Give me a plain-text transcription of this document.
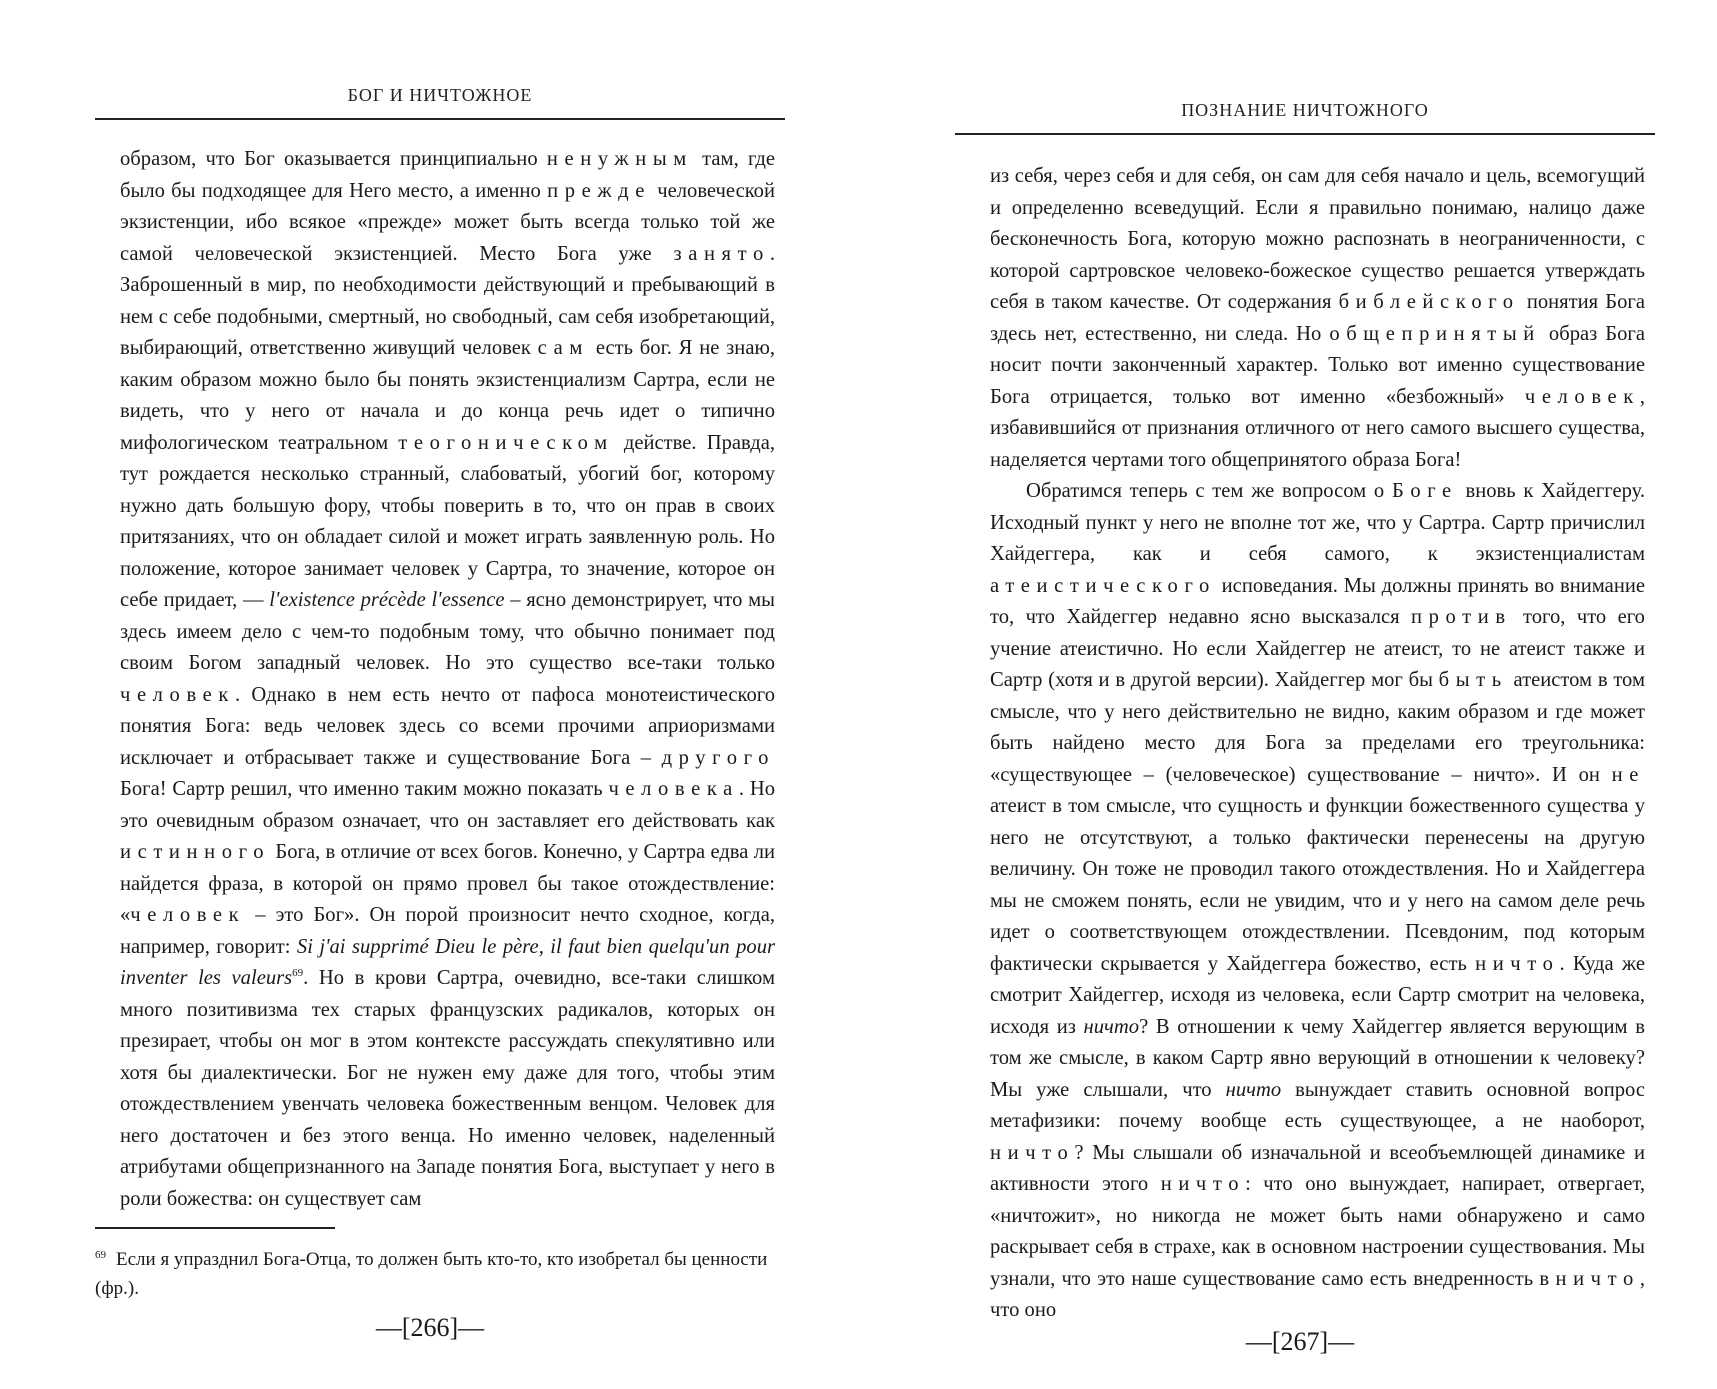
БОГ И НИЧТОЖНОЕ

образом, что Бог оказывается принципиально ненужным там, где было бы подходящее для Него место, а именно прежде человеческой экзистенции, ибо всякое «прежде» может быть всегда только той же самой человеческой экзистенцией. Место Бога уже занято. Заброшенный в мир, по необходимости действующий и пребывающий в нем с себе подобными, смертный, но свободный, сам себя изобретающий, выбирающий, ответственно живущий человек сам есть бог. Я не знаю, каким образом можно было бы понять экзистенциализм Сартра, если не видеть, что у него от начала и до конца речь идет о типично мифологическом театральном теогоническом действе. Правда, тут рождается несколько странный, слабоватый, убогий бог, которому нужно дать большую фору, чтобы поверить в то, что он прав в своих притязаниях, что он обладает силой и может играть заявленную роль. Но положение, которое занимает человек у Сартра, то значение, которое он себе придает, — l'existence précède l'essence – ясно демонстрирует, что мы здесь имеем дело с чем-то подобным тому, что обычно понимает под своим Богом западный человек. Но это существо все-таки только человек. Однако в нем есть нечто от пафоса монотеистического понятия Бога: ведь человек здесь со всеми прочими априоризмами исключает и отбрасывает также и существование Бога – другого Бога! Сартр решил, что именно таким можно показать человека. Но это очевидным образом означает, что он заставляет его действовать как истинного Бога, в отличие от всех богов. Конечно, у Сартра едва ли найдется фраза, в которой он прямо провел бы такое отождествление: «человек – это Бог». Он порой произносит нечто сходное, когда, например, говорит: Si j'ai supprimé Dieu le père, il faut bien quelqu'un pour inventer les valeurs$^{69}$. Но в крови Сартра, очевидно, все-таки слишком много позитивизма тех старых французских радикалов, которых он презирает, чтобы он мог в этом контексте рассуждать спекулятивно или хотя бы диалектически. Бог не нужен ему даже для того, чтобы этим отождествлением увенчать человека божественным венцом. Человек для него достаточен и без этого венца. Но именно человек, наделенный атрибутами общепризнанного на Западе понятия Бога, выступает у него в роли божества: он существует сам

$^{69}$ Если я упразднил Бога-Отца, то должен быть кто-то, кто изобретал бы ценности (фр.).
—[266]—
ПОЗНАНИЕ НИЧТОЖНОГО

из себя, через себя и для себя, он сам для себя начало и цель, всемогущий и определенно всеведущий. Если я правильно понимаю, налицо даже бесконечность Бога, которую можно распознать в неограниченности, с которой сартровское человеко-божеское существо решается утверждать себя в таком качестве. От содержания библейского понятия Бога здесь нет, естественно, ни следа. Но общепринятый образ Бога носит почти законченный характер. Только вот именно существование Бога отрицается, только вот именно «безбожный» человек, избавившийся от признания отличного от него самого высшего существа, наделяется чертами того общепринятого образа Бога!

Обратимся теперь с тем же вопросом о Боге вновь к Хайдеггеру. Исходный пункт у него не вполне тот же, что у Сартра. Сартр причислил Хайдеггера, как и себя самого, к экзистенциалистам атеистического исповедания. Мы должны принять во внимание то, что Хайдеггер недавно ясно высказался против того, что его учение атеистично. Но если Хайдеггер не атеист, то не атеист также и Сартр (хотя и в другой версии). Хайдеггер мог бы быть атеистом в том смысле, что у него действительно не видно, каким образом и где может быть найдено место для Бога за пределами его треугольника: «существующее – (человеческое) существование – ничто». И он не атеист в том смысле, что сущность и функции божественного существа у него не отсутствуют, а только фактически перенесены на другую величину. Он тоже не проводил такого отождествления. Но и Хайдеггера мы не сможем понять, если не увидим, что и у него на самом деле речь идет о соответствующем отождествлении. Псевдоним, под которым фактически скрывается у Хайдеггера божество, есть ничто. Куда же смотрит Хайдеггер, исходя из человека, если Сартр смотрит на человека, исходя из ничто? В отношении к чему Хайдеггер является верующим в том же смысле, в каком Сартр явно верующий в отношении к человеку? Мы уже слышали, что ничто вынуждает ставить основной вопрос метафизики: почему вообще есть существующее, а не наоборот, ничто? Мы слышали об изначальной и всеобъемлющей динамике и активности этого ничто: что оно вынуждает, напирает, отвергает, «ничтожит», но никогда не может быть нами обнаружено и само раскрывает себя в страхе, как в основном настроении существования. Мы узнали, что это наше существование само есть внедренность в ничто, что оно

—[267]—
